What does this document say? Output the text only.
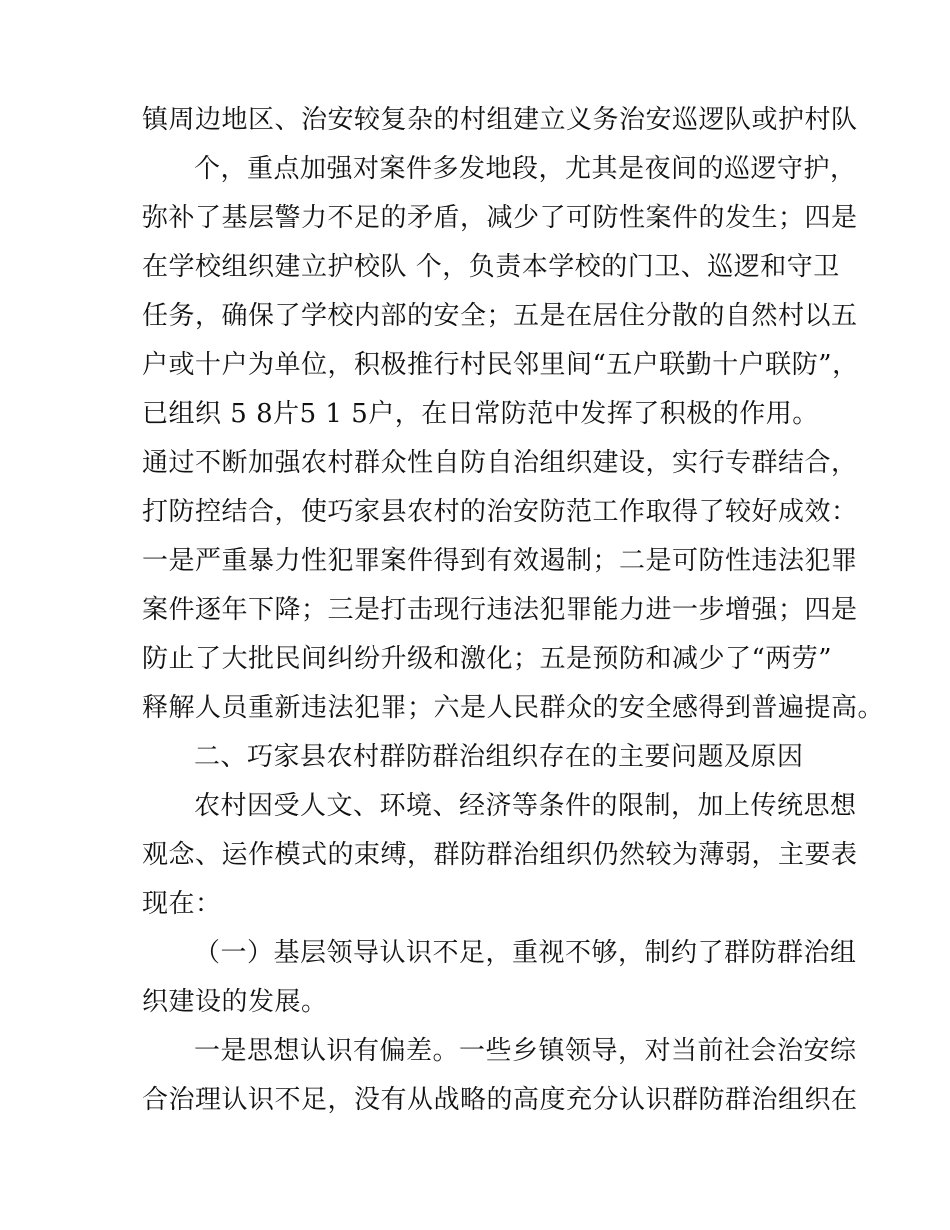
镇周边地区、治安较复杂的村组建立义务治安巡逻队或护村队
个，重点加强对案件多发地段，尤其是夜间的巡逻守护，
弥补了基层警力不足的矛盾，减少了可防性案件的发生；四是
在学校组织建立护校队 个，负责本学校的门卫、巡逻和守卫
任务，确保了学校内部的安全；五是在居住分散的自然村以五
户或十户为单位，积极推行村民邻里间“五户联勤十户联防”，
已组织 5 8片5 1 5户，在日常防范中发挥了积极的作用。
通过不断加强农村群众性自防自治组织建设，实行专群结合，
打防控结合，使巧家县农村的治安防范工作取得了较好成效：
一是严重暴力性犯罪案件得到有效遏制；二是可防性违法犯罪
案件逐年下降；三是打击现行违法犯罪能力进一步增强；四是
防止了大批民间纠纷升级和激化；五是预防和减少了“两劳”
释解人员重新违法犯罪；六是人民群众的安全感得到普遍提高。
二、巧家县农村群防群治组织存在的主要问题及原因
农村因受人文、环境、经济等条件的限制，加上传统思想
观念、运作模式的束缚，群防群治组织仍然较为薄弱，主要表
现在：
（一）基层领导认识不足，重视不够，制约了群防群治组
织建设的发展。
一是思想认识有偏差。一些乡镇领导，对当前社会治安综
合治理认识不足，没有从战略的高度充分认识群防群治组织在
